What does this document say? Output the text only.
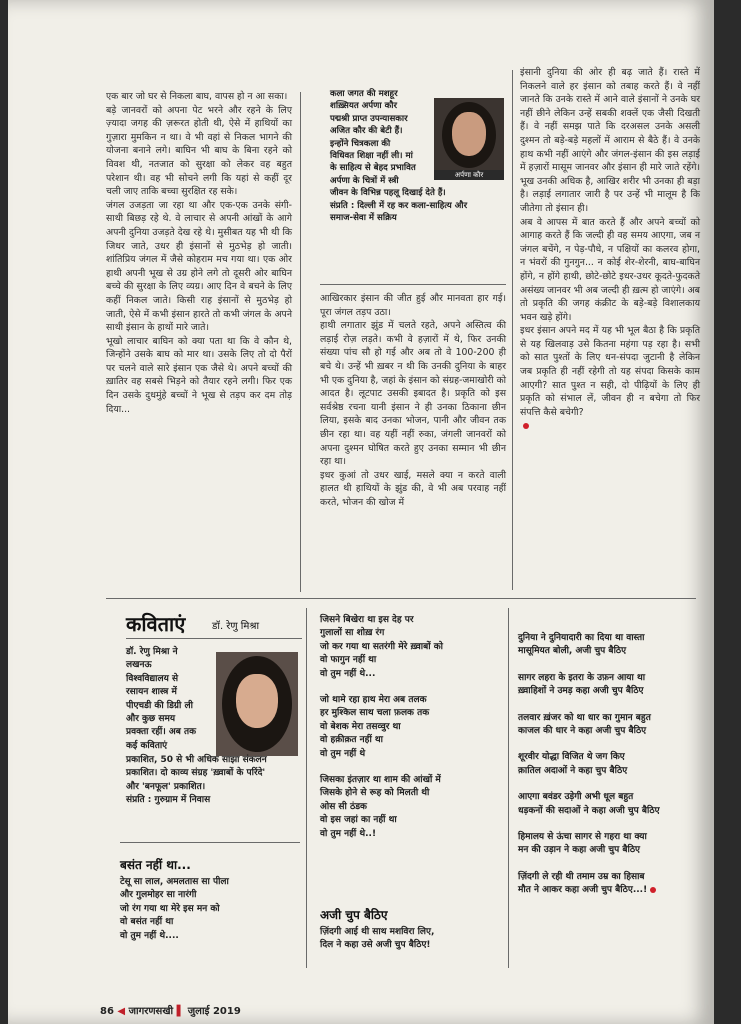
एक बार जो घर से निकला बाघ, वापस हो न आ सका।

बड़े जानवरों को अपना पेट भरने और रहने के लिए ज़्यादा जगह की ज़रूरत होती थी, ऐसे में हाथियों का गुज़ारा मुमकिन न था। वे भी वहां से निकल भागने की योजना बनाने लगे। बाघिन भी बाघ के बिना रहने को विवश थी, नतजात को सुरक्षा को लेकर वह बहुत परेशान थी। वह भी सोचने लगी कि यहां से कहीं दूर चली जाए ताकि बच्चा सुरक्षित रह सके।

जंगल उजड़ता जा रहा था और एक-एक उनके संगी-साथी बिछड़ रहे थे. वे लाचार से अपनी आंखों के आगे अपनी दुनिया उजड़ते देख रहे थे। मुसीबत यह भी थी कि जिधर जाते, उधर ही इंसानों से मुठभेड़ हो जाती। शांतिप्रिय जंगल में जैसे कोहराम मच गया था। एक ओर हाथी अपनी भूख से उग्र होने लगे तो दूसरी ओर बाघिन बच्चे की सुरक्षा के लिए व्यग्र। आए दिन वे बचने के लिए कहीं निकल जाते। किसी राह इंसानों से मुठभेड़ हो जाती, ऐसे में कभी इंसान हारते तो कभी जंगल के अपने साथी इंसान के हाथों मारे जाते।

भूखो लाचार बाघिन को क्या पता था कि वे कौन थे, जिन्होंने उसके बाघ को मार था। उसके लिए तो दो पैरों पर चलने वाले सारे इंसान एक जैसे थे। अपने बच्चों की ख़ातिर वह सबसे भिड़ने को तैयार रहने लगी। फिर एक दिन उसके दुधमुंहे बच्चों ने भूख से तड़प कर दम तोड़ दिया...

कला जगत की मशहूर
शख़्सियत अर्पणा कौर
पद्मश्री प्राप्त उपन्यासकार
अजित कौर की बेटी हैं।
इन्होंने चित्रकला की
विधिवत शिक्षा नहीं ली। मां
के साहित्य से बेहद प्रभावित
अर्पणा के चित्रों में स्त्री
जीवन के विभिन्न पहलू दिखाई देते हैं।
संप्रति : दिल्ली में रह कर कला-साहित्य और
समाज-सेवा में सक्रिय
अर्पणा कौर

आखिरकार इंसान की जीत हुई और मानवता हार गई। पूरा जंगल तड़प उठा।

हाथी लगातार झुंड में चलते रहते, अपने अस्तित्व की लड़ाई रोज़ लड़ते। कभी वे हज़ारों में थे, फिर उनकी संख्या पांच सौ हो गई और अब तो वे 100-200 ही बचे थे। उन्हें भी ख़बर न थी कि उनकी दुनिया के बाहर भी एक दुनिया है, जहां के इंसान को संग्रह-जमाखोरी को आदत है। लूटपाट उसकी इबादत है। प्रकृति को इस सर्वश्रेष्ठ रचना यानी इंसान ने ही उनका ठिकाना छीन लिया, इसके बाद उनका भोजन, पानी और जीवन तक छीन रहा था। वह यहीं नहीं रुका, जंगली जानवरों को अपना दुश्मन घोषित करते हुए उनका सम्मान भी छीन रहा था।

इधर कुआं तो उधर खाई, मसले क्या न करते वाली हालत थी हाथियों के झुंड की, वे भी अब परवाह नहीं करते, भोजन की खोज में

इंसानी दुनिया की ओर ही बढ़ जाते हैं। रास्ते में निकलने वाले हर इंसान को तबाह करते हैं। वे नहीं जानते कि उनके रास्ते में आने वाले इंसानों ने उनके घर नहीं छीने लेकिन उन्हें सबकी शक्लें एक जैसी दिखती हैं। वे नहीं समझ पाते कि दरअसल उनके असली दुश्मन तो बड़े-बड़े महलों में आराम से बैठे हैं। वे उनके हाथ कभी नहीं आएंगे और जंगल-इंसान की इस लड़ाई में हज़ारों मासूम जानवर और इंसान ही मारे जाते रहेंगे। भूख उनकी अधिक है, आखिर शरीर भी उनका ही बड़ा है। लड़ाई लगातार जारी है पर उन्हें भी मालूम है कि जीतेगा तो इंसान ही।

अब वे आपस में बात करते हैं और अपने बच्चों को आगाह करते हैं कि जल्दी ही वह समय आएगा, जब न जंगल बचेंगे, न पेड़-पौधे, न पक्षियों का कलरव होगा, न भंवरों की गुनगुन... न कोई शेर-शेरनी, बाघ-बाघिन होंगे, न होंगे हाथी, छोटे-छोटे इधर-उधर कूदते-फुदकते असंख्य जानवर भी अब जल्दी ही ख़त्म हो जाएंगे। अब तो प्रकृति की जगह कंक्रीट के बड़े-बड़े विशालकाय भवन खड़े होंगे।

इधर इंसान अपने मद में यह भी भूल बैठा है कि प्रकृति से यह खिलवाड़ उसे कितना महंगा पड़ रहा है। सभी को सात पुश्तों के लिए धन-संपदा जुटानी है लेकिन जब प्रकृति ही नहीं रहेगी तो यह संपदा किसके काम आएगी? सात पुश्त न सही, दो पीढ़ियों के लिए ही प्रकृति को संभाल लें, जीवन ही न बचेगा तो फिर संपत्ति कैसे बचेगी?

कविताएं	डॉ. रेणु मिश्रा
डॉ. रेणु मिश्रा ने
लखनऊ
विश्वविद्यालय से
रसायन शास्त्र में
पीएचडी की डिग्री ली
और कुछ समय
प्रवक्ता रहीं। अब तक
कई कविताएं
प्रकाशित, 50 से भी अधिक साझा संकलन
प्रकाशित। दो काव्य संग्रह 'ख़्वाबों के परिंदे'
और 'बनफूल' प्रकाशित।
संप्रति : गुरुग्राम में निवास
बसंत नहीं था...
टेसू सा लाल, अमलतास सा पीला
और गुलमोहर सा नारंगी
जो रंग गया था मेरे इस मन को
वो बसंत नहीं था
वो तुम नहीं थे....
जिसने बिखेरा था इस देह पर
गुलालों सा शोख़ रंग
जो कर गया था सतरंगी मेरे ख़्वाबों को
वो फागुन नहीं था
वो तुम नहीं थे...
जो थामे रहा हाथ मेरा अब तलक
हर मुश्किल साथ चला फ़लक तक
वो बेशक मेरा तसव्वुर था
वो हक़ीक़त नहीं था
वो तुम नहीं थे
जिसका इंतज़ार था शाम की आंखों में
जिसके होने से रूह को मिलती थी
ओस सी ठंडक
वो इस जहां का नहीं था
वो तुम नहीं थे..!
अजी चुप बैठिए
ज़िंदगी आई थी साथ मशविरा लिए,
दिल ने कहा उसे अजी चुप बैठिए!
दुनिया ने दुनियादारी का दिया था वास्ता
मासूमियत बोली, अजी चुप बैठिए
सागर लहरा के इतरा के उफ़न आया था
ख़्वाहिशों ने उमड़ कहा अजी चुप बैठिए
तलवार ख़ंजर को था धार का गुमान बहुत
काजल की धार ने कहा अजी चुप बैठिए
शूरवीर योद्धा विजित थे जग किए
क़ातिल अदाओं ने कहा चुप बैठिए
आएगा बवंडर उड़ेगी अभी धूल बहुत
धड़कनों की सदाओं ने कहा अजी चुप बैठिए
हिमालय से ऊंचा सागर से गहरा था क्या
मन की उड़ान ने कहा अजी चुप बैठिए
ज़िंदगी ले रही थी तमाम उम्र का हिसाब
मौत ने आकर कहा अजी चुप बैठिए...!
86 ◀ जागरणसखी ▌ जुलाई 2019
